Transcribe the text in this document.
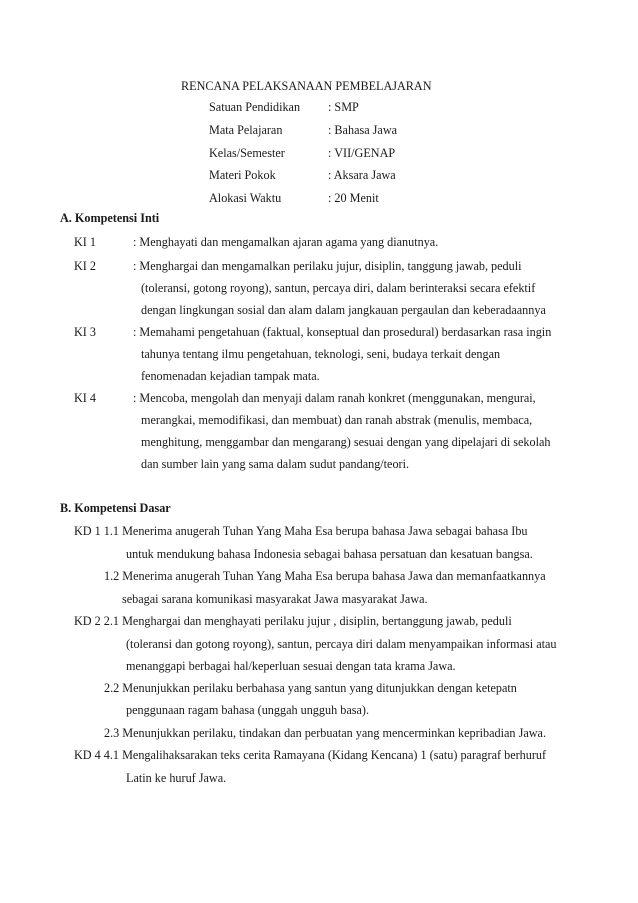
RENCANA PELAKSANAAN PEMBELAJARAN
Satuan Pendidikan : SMP
Mata Pelajaran	: Bahasa Jawa
Kelas/Semester	: VII/GENAP
Materi Pokok	: Aksara Jawa
Alokasi Waktu	: 20 Menit
A. Kompetensi Inti
KI 1	: Menghayati dan mengamalkan ajaran agama yang dianutnya.
KI 2	: Menghargai dan mengamalkan perilaku jujur, disiplin, tanggung jawab, peduli
(toleransi, gotong royong), santun, percaya diri, dalam berinteraksi secara efektif
dengan lingkungan sosial dan alam dalam jangkauan pergaulan dan keberadaannya
KI 3	: Memahami pengetahuan (faktual, konseptual dan prosedural) berdasarkan rasa ingin
tahunya tentang ilmu pengetahuan, teknologi, seni, budaya terkait dengan
fenomenadan kejadian tampak mata.
KI 4	: Mencoba, mengolah dan menyaji dalam ranah konkret (menggunakan, mengurai,
merangkai, memodifikasi, dan membuat) dan ranah abstrak (menulis, membaca,
menghitung, menggambar dan mengarang) sesuai dengan yang dipelajari di sekolah
dan sumber lain yang sama dalam sudut pandang/teori.
B. Kompetensi Dasar
KD 1 1.1 Menerima anugerah Tuhan Yang Maha Esa berupa bahasa Jawa sebagai bahasa Ibu
untuk mendukung bahasa Indonesia sebagai bahasa persatuan dan kesatuan bangsa.
1.2 Menerima anugerah Tuhan Yang Maha Esa berupa bahasa Jawa dan memanfaatkannya
sebagai sarana komunikasi masyarakat Jawa masyarakat Jawa.
KD 2 2.1 Menghargai dan menghayati perilaku jujur , disiplin, bertanggung jawab, peduli
(toleransi dan gotong royong), santun, percaya diri dalam menyampaikan informasi atau
menanggapi berbagai hal/keperluan sesuai dengan tata krama Jawa.
2.2 Menunjukkan perilaku berbahasa yang santun yang ditunjukkan dengan ketepatn
penggunaan ragam bahasa (unggah ungguh basa).
2.3 Menunjukkan perilaku, tindakan dan perbuatan yang mencerminkan kepribadian Jawa.
KD 4 4.1 Mengalihaksarakan teks cerita Ramayana (Kidang Kencana) 1 (satu) paragraf berhuruf
Latin ke huruf Jawa.
